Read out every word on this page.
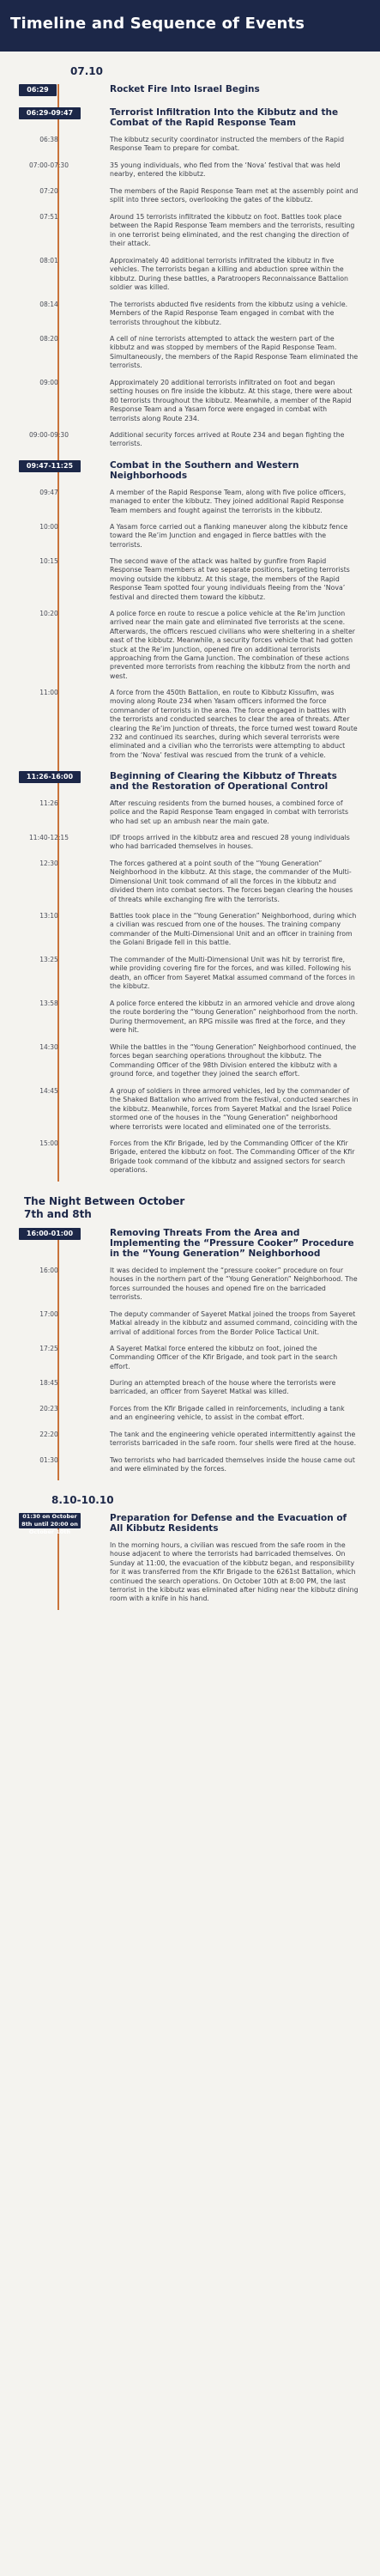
Timeline and Sequence of Events
07.10
The Night Between October 7th and 8th
8.10-10.10
06:29	Rocket Fire Into Israel Begins
06:29-09:47	Terrorist Infiltration Into the Kibbutz and the Combat of the Rapid Response Team
09:47-11:25	Combat in the Southern and Western Neighborhoods
11:26-16:00	Beginning of Clearing the Kibbutz of Threats and the Restoration of Operational Control
16:00-01:00	Removing Threats From the Area and Implementing the “Pressure Cooker” Procedure in the “Young Generation” Neighborhood
01:30 on October 8th until 20:00 on October 10th
Preparation for Defense and the Evacuation of All Kibbutz Residents
06:38	The kibbutz security coordinator instructed the members of the Rapid Response Team to prepare for combat.
07:00-07:30	35 young individuals, who fled from the ‘Nova’ festival that was held nearby, entered the kibbutz.
07:20	The members of the Rapid Response Team met at the assembly point and split into three sectors, overlooking the gates of the kibbutz.
07:51	Around 15 terrorists infiltrated the kibbutz on foot. Battles took place between the Rapid Response Team members and the terrorists, resulting in one terrorist being eliminated, and the rest changing the direction of their attack.
08:01	Approximately 40 additional terrorists infiltrated the kibbutz in five vehicles. The terrorists began a killing and abduction spree within the kibbutz. During these battles, a Paratroopers Reconnaissance Battalion soldier was killed.
08:14	The terrorists abducted five residents from the kibbutz using a vehicle. Members of the Rapid Response Team engaged in combat with the terrorists throughout the kibbutz.
08:20	A cell of nine terrorists attempted to attack the western part of the kibbutz and was stopped by members of the Rapid Response Team. Simultaneously, the members of the Rapid Response Team eliminated the terrorists.
09:00	Approximately 20 additional terrorists infiltrated on foot and began setting houses on fire inside the kibbutz. At this stage, there were about 80 terrorists throughout the kibbutz. Meanwhile, a member of the Rapid Response Team and a Yasam force were engaged in combat with terrorists along Route 234.
09:00-09:30	Additional security forces arrived at Route 234 and began fighting the terrorists.
09:47	A member of the Rapid Response Team, along with five police officers, managed to enter the kibbutz. They joined additional Rapid Response Team members and fought against the terrorists in the kibbutz.
10:00	A Yasam force carried out a flanking maneuver along the kibbutz fence toward the Re’im Junction and engaged in fierce battles with the terrorists.
10:15	The second wave of the attack was halted by gunfire from Rapid Response Team members at two separate positions, targeting terrorists moving outside the kibbutz. At this stage, the members of the Rapid Response Team spotted four young individuals fleeing from the ‘Nova’ festival and directed them toward the kibbutz.
10:20	A police force en route to rescue a police vehicle at the Re’im Junction arrived near the main gate and eliminated five terrorists at the scene. Afterwards, the officers rescued civilians who were sheltering in a shelter east of the kibbutz. Meanwhile, a security forces vehicle that had gotten stuck at the Re’im Junction, opened fire on additional terrorists approaching from the Gama Junction. The combination of these actions prevented more terrorists from reaching the kibbutz from the north and west.
11:00	A force from the 450th Battalion, en route to Kibbutz Kissufim, was moving along Route 234 when Yasam officers informed the force commander of terrorists in the area. The force engaged in battles with the terrorists and conducted searches to clear the area of threats. After clearing the Re’im Junction of threats, the force turned west toward Route 232 and continued its searches, during which several terrorists were eliminated and a civilian who the terrorists were attempting to abduct from the ‘Nova’ festival was rescued from the trunk of a vehicle.
11:26	After rescuing residents from the burned houses, a combined force of police and the Rapid Response Team engaged in combat with terrorists who had set up an ambush near the main gate.
11:40-12:15	IDF troops arrived in the kibbutz area and rescued 28 young individuals who had barricaded themselves in houses.
12:30	The forces gathered at a point south of the “Young Generation” Neighborhood in the kibbutz. At this stage, the commander of the Multi-Dimensional Unit took command of all the forces in the kibbutz and divided them into combat sectors. The forces began clearing the houses of threats while exchanging fire with the terrorists.
13:10	Battles took place in the “Young Generation” Neighborhood, during which a civilian was rescued from one of the houses. The training company commander of the Multi-Dimensional Unit and an officer in training from the Golani Brigade fell in this battle.
13:25	The commander of the Multi-Dimensional Unit was hit by terrorist fire, while providing covering fire for the forces, and was killed. Following his death, an officer from Sayeret Matkal assumed command of the forces in the kibbutz.
13:58	A police force entered the kibbutz in an armored vehicle and drove along the route bordering the “Young Generation” neighborhood from the north. During thermovement, an RPG missile was fired at the force, and they were hit.
14:30	While the battles in the “Young Generation” Neighborhood continued, the forces began searching operations throughout the kibbutz. The Commanding Officer of the 98th Division entered the kibbutz with a ground force, and together they joined the search effort.
14:45	A group of soldiers in three armored vehicles, led by the commander of the Shaked Battalion who arrived from the festival, conducted searches in the kibbutz. Meanwhile, forces from Sayeret Matkal and the Israel Police stormed one of the houses in the “Young Generation” neighborhood where terrorists were located and eliminated one of the terrorists.
15:00	Forces from the Kfir Brigade, led by the Commanding Officer of the Kfir Brigade, entered the kibbutz on foot. The Commanding Officer of the Kfir Brigade took command of the kibbutz and assigned sectors for search operations.
16:00	It was decided to implement the “pressure cooker” procedure on four houses in the northern part of the “Young Generation” Neighborhood. The forces surrounded the houses and opened fire on the barricaded terrorists.
17:00	The deputy commander of Sayeret Matkal joined the troops from Sayeret Matkal already in the kibbutz and assumed command, coinciding with the arrival of additional forces from the Border Police Tactical Unit.
17:25	A Sayeret Matkal force entered the kibbutz on foot, joined the Commanding Officer of the Kfir Brigade, and took part in the search effort.
18:45	During an attempted breach of the house where the terrorists were barricaded, an officer from Sayeret Matkal was killed.
20:23	Forces from the Kfir Brigade called in reinforcements, including a tank and an engineering vehicle, to assist in the combat effort.
22:20	The tank and the engineering vehicle operated intermittently against the terrorists barricaded in the safe room. four shells were fired at the house.
01:30	Two terrorists who had barricaded themselves inside the house came out and were eliminated by the forces.
In the morning hours, a civilian was rescued from the safe room in the house adjacent to where the terrorists had barricaded themselves. On Sunday at 11:00, the evacuation of the kibbutz began, and responsibility for it was transferred from the Kfir Brigade to the 6261st Battalion, which continued the search operations. On October 10th at 8:00 PM, the last terrorist in the kibbutz was eliminated after hiding near the kibbutz dining room with a knife in his hand.
